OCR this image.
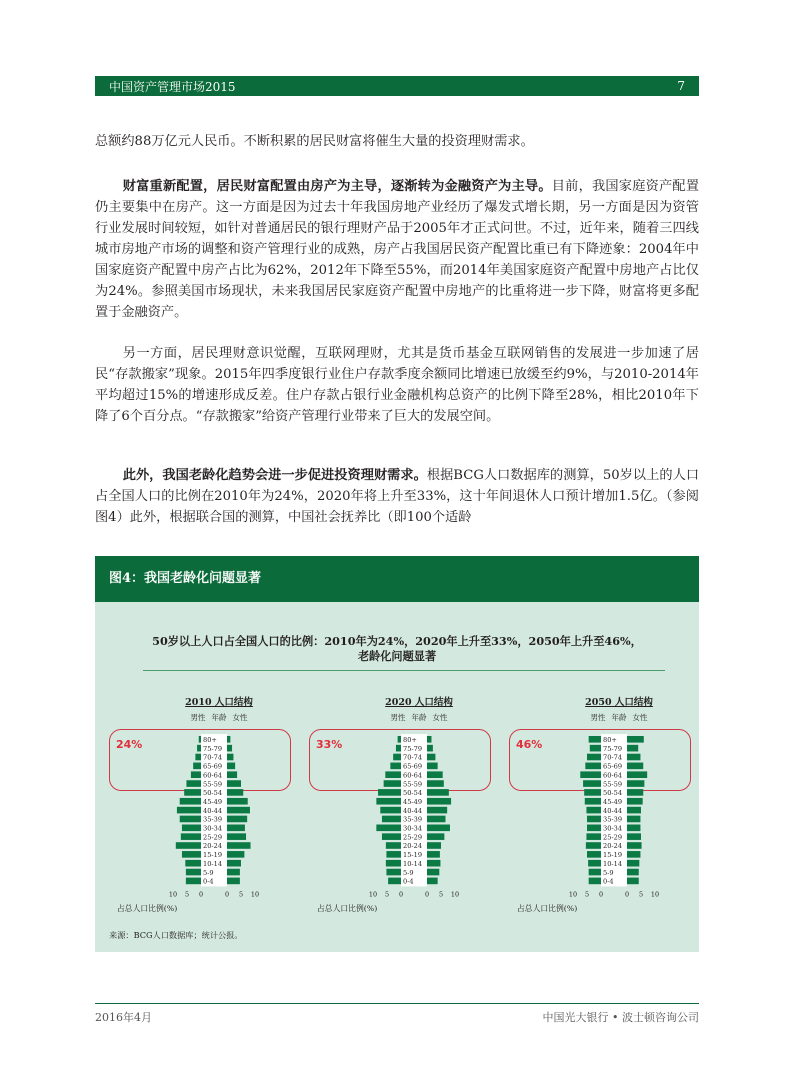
中国资产管理市场2015	7

总额约88万亿元人民币。不断积累的居民财富将催生大量的投资理财需求。

财富重新配置，居民财富配置由房产为主导，逐渐转为金融资产为主导。目前，我国家庭资产配置仍主要集中在房产。这一方面是因为过去十年我国房地产业经历了爆发式增长期，另一方面是因为资管行业发展时间较短，如针对普通居民的银行理财产品于2005年才正式问世。不过，近年来，随着三四线城市房地产市场的调整和资产管理行业的成熟，房产占我国居民资产配置比重已有下降迹象：2004年中国家庭资产配置中房产占比为62%，2012年下降至55%，而2014年美国家庭资产配置中房地产占比仅为24%。参照美国市场现状，未来我国居民家庭资产配置中房地产的比重将进一步下降，财富将更多配置于金融资产。

另一方面，居民理财意识觉醒，互联网理财，尤其是货币基金互联网销售的发展进一步加速了居民“存款搬家”现象。2015年四季度银行业住户存款季度余额同比增速已放缓至约9%，与2010-2014年平均超过15%的增速形成反差。住户存款占银行业金融机构总资产的比例下降至28%，相比2010年下降了6个百分点。“存款搬家”给资产管理行业带来了巨大的发展空间。

此外，我国老龄化趋势会进一步促进投资理财需求。根据BCG人口数据库的测算，50岁以上的人口占全国人口的比例在2010年为24%，2020年将上升至33%，这十年间退休人口预计增加1.5亿。（参阅图4）此外，根据联合国的测算，中国社会抚养比（即100个适龄

图4：我国老龄化问题显著
50岁以上人口占全国人口的比例：2010年为24%，2020年上升至33%，2050年上升至46%，
老龄化问题显著
2010 人口结构
男性 年龄 女性
24%	80+
75-79
70-74
65-69
60-64
55-59
50-54
45-49
40-44
35-39
30-34
25-29
20-24
15-19
10-14
5-9
0-4
10 5 0	0 5 10
2020 人口结构
男性 年龄 女性
33%	80+
75-79
70-74
65-69
60-64
55-59
50-54
45-49
40-44
35-39
30-34
25-29
20-24
15-19
10-14
5-9
0-4
10 5 0	0 5 10
2050 人口结构
男性 年龄 女性
46%	80+
75-79
70-74
65-69
60-64
55-59
50-54
45-49
40-44
35-39
30-34
25-29
20-24
15-19
10-14
5-9
0-4
10 5 0	0 5 10
占总人口比例(%)	占总人口比例(%)	占总人口比例(%)
来源：BCG人口数据库；统计公报。
2016年4月	中国光大银行 • 波士顿咨询公司
